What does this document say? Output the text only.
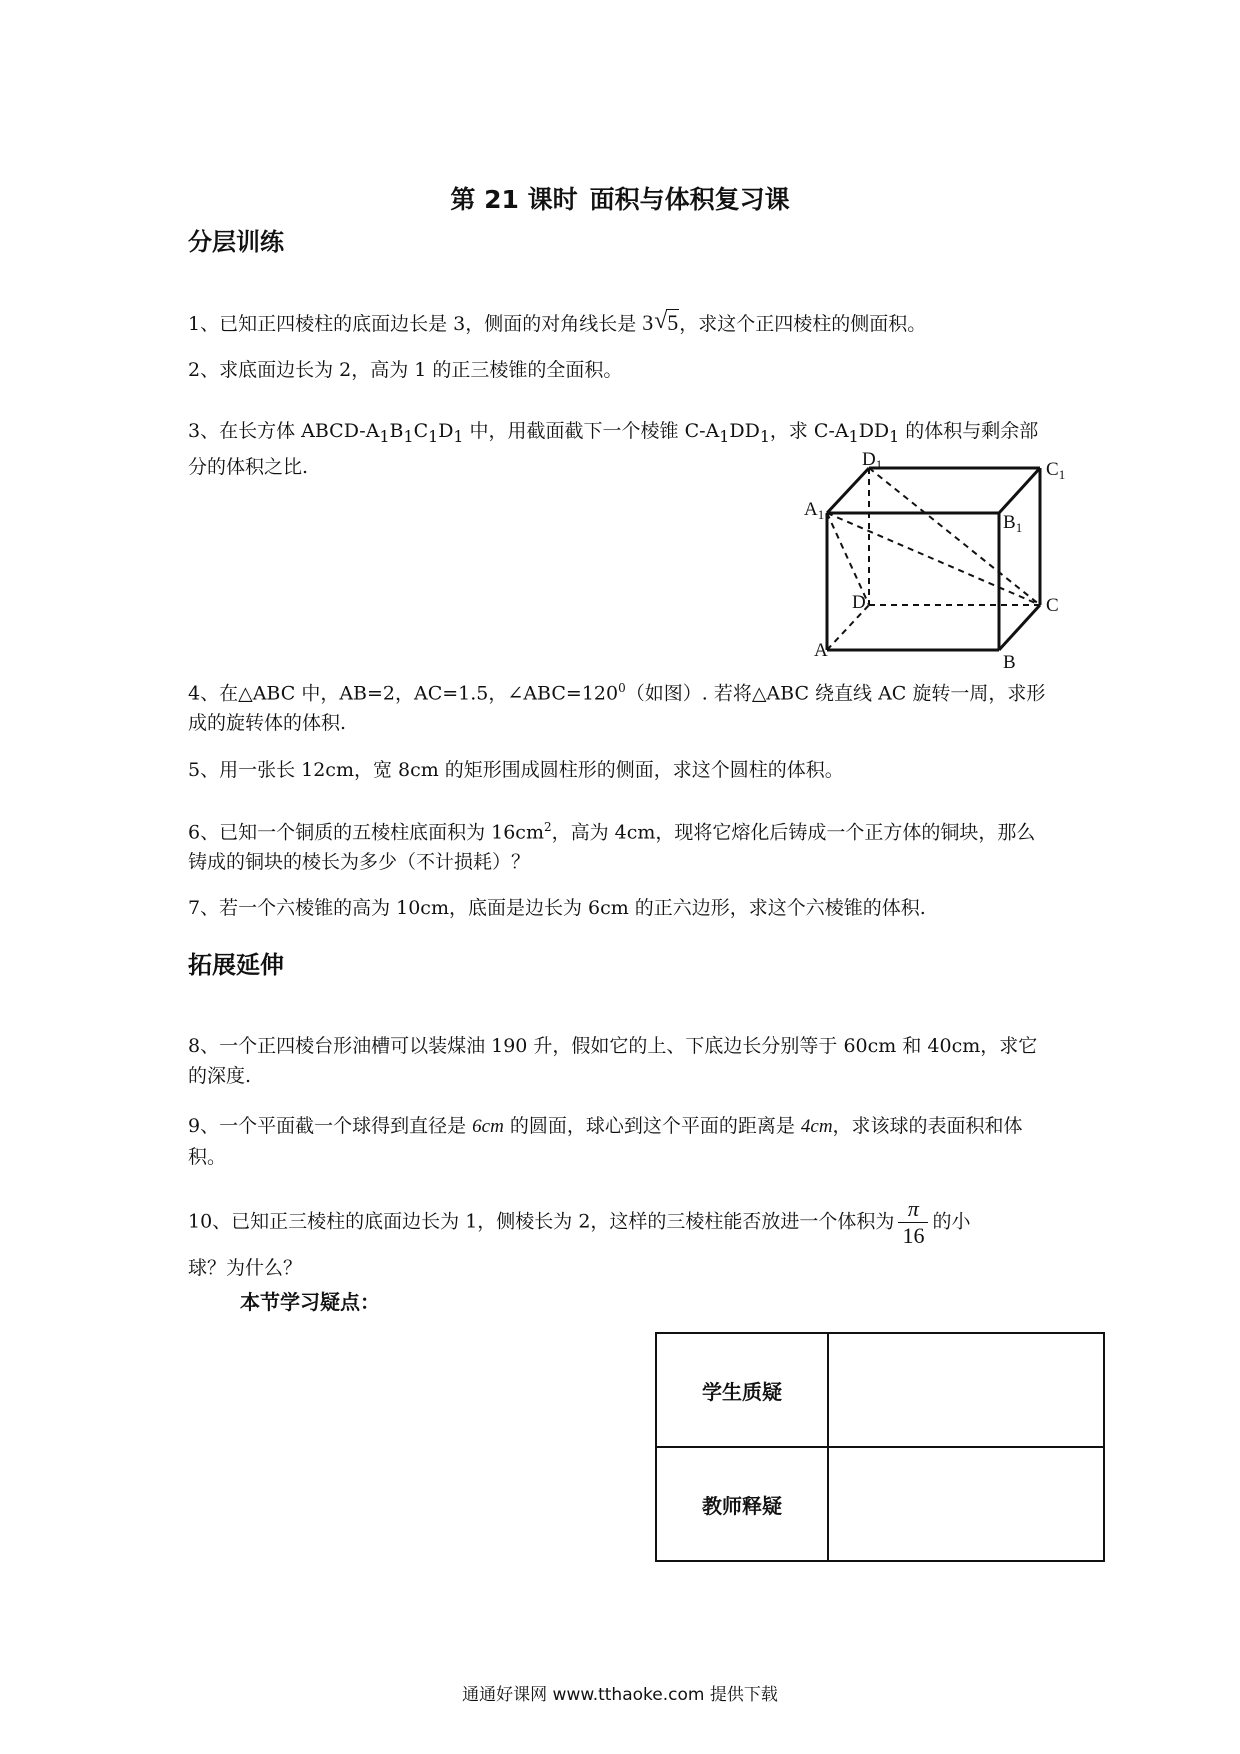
第 21 课时 面积与体积复习课
分层训练
1、已知正四棱柱的底面边长是 3，侧面的对角线长是 3 √ 5，求这个正四棱柱的侧面积。
2、求底面边长为 2，高为 1 的正三棱锥的全面积。
3、在长方体 ABCD-$A_1B_1C_1D_1$ 中，用截面截下一个棱锥 $C-A_1DD_1$，求 $C-A_1DD_1$ 的体积与剩余部分的体积之比.	$D_1$	$C_1$
$A_1$	$B_1$
D	C
A
B
4、在△ABC 中，AB=2，AC=1.5，$\angle ABC=120^0$（如图）. 若将△ABC 绕直线 AC 旋转一周，求形成的旋转体的体积.
5、用一张长 12cm，宽 8cm 的矩形围成圆柱形的侧面，求这个圆柱的体积。
6、已知一个铜质的五棱柱底面积为 $16cm^2$，高为 4cm，现将它熔化后铸成一个正方体的铜块，那么铸成的铜块的棱长为多少（不计损耗）？
7、若一个六棱锥的高为 10cm，底面是边长为 6cm 的正六边形，求这个六棱锥的体积.
拓展延伸
8、一个正四棱台形油槽可以装煤油 190 升，假如它的上、下底边长分别等于 60cm 和 40cm，求它的深度.
9、一个平面截一个球得到直径是 6cm 的圆面，球心到这个平面的距离是 4cm，求该球的表面积和体积。
10、已知正三棱柱的底面边长为 1，侧棱长为 2，这样的三棱柱能否放进一个体积为 $\frac{\pi}{16}$ 的小
球？为什么？
本节学习疑点：
学生质疑	
教师释疑	
通通好课网 www.tthaoke.com 提供下载
